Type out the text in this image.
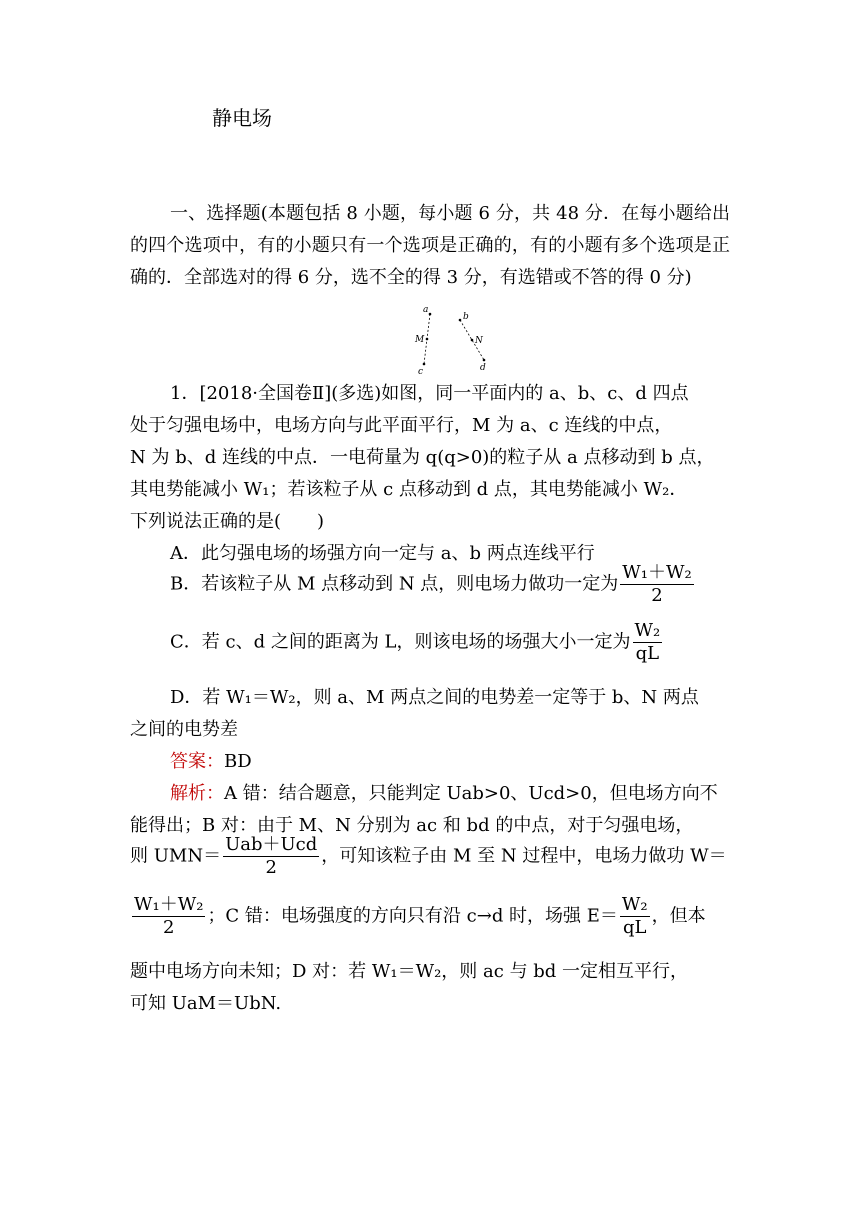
静电场
一、选择题(本题包括 8 小题，每小题 6 分，共 48 分．在每小题给出的四个选项中，有的小题只有一个选项是正确的，有的小题有多个选项是正确的．全部选对的得 6 分，选不全的得 3 分，有选错或不答的得 0 分)
a
c
M
b
d
N
1．[2018·全国卷Ⅱ](多选)如图，同一平面内的 a、b、c、d 四点
处于匀强电场中，电场方向与此平面平行，M 为 a、c 连线的中点，
N 为 b、d 连线的中点．一电荷量为 q(q>0)的粒子从 a 点移动到 b 点，
其电势能减小 W₁；若该粒子从 c 点移动到 d 点，其电势能减小 W₂．
下列说法正确的是(　　)
A．此匀强电场的场强方向一定与 a、b 两点连线平行
B．若该粒子从 M 点移动到 N 点，则电场力做功一定为 $\frac{\text{W₁＋W₂}}{2}$
C．若 c、d 之间的距离为 L，则该电场的场强大小一定为 $\frac{\text{W₂}}{qL}$
D．若 W₁＝W₂，则 a、M 两点之间的电势差一定等于 b、N 两点
之间的电势差
答案：BD
解析：A 错：结合题意，只能判定 Uab>0、Ucd>0，但电场方向不
能得出；B 对：由于 M、N 分别为 ac 和 bd 的中点，对于匀强电场，
则 $UMN= \frac{\text{Uab＋Ucd}}{2}$ ，可知该粒子由 M 至 N 过程中，电场力做功 W＝
$\frac{\text{W₁＋W₂}}{2}$ ；C 错：电场强度的方向只有沿 c→d 时，场强 $E= \frac{\text{W₂}}{qL}$ ，但本
题中电场方向未知；D 对：若 W₁＝W₂，则 ac 与 bd 一定相互平行，
可知 UaM＝UbN.
